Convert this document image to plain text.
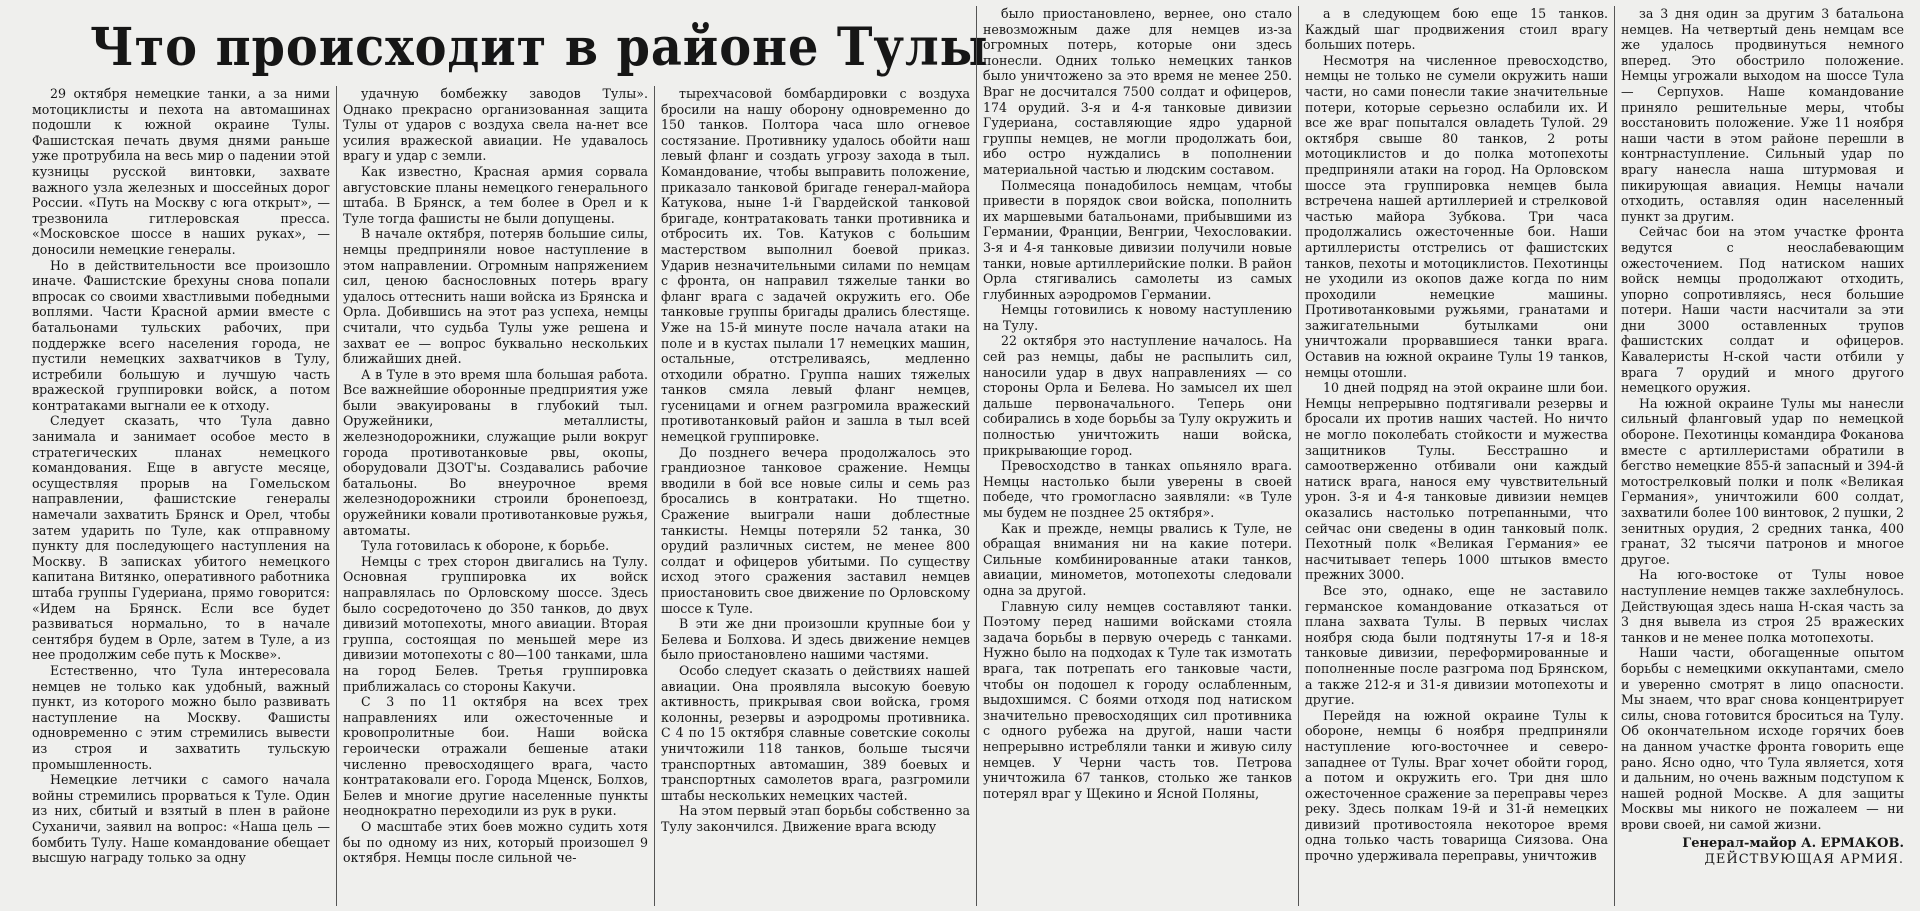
Что происходит в районе Тулы

29 октября немецкие танки, а за ними мотоциклисты и пехота на автомашинах подошли к южной окраине Тулы. Фашистская печать двумя днями раньше уже протрубила на весь мир о падении этой кузницы русской винтовки, захвате важного узла железных и шоссейных дорог России. «Путь на Москву с юга открыт», — трезвонила гитлеровская пресса. «Московское шоссе в наших руках», — доносили немецкие генералы.

Но в действительности все произошло иначе. Фашистские брехуны снова попали впросак со своими хвастливыми победными воплями. Части Красной армии вместе с батальонами тульских рабочих, при поддержке всего населения города, не пустили немецких захватчиков в Тулу, истребили большую и лучшую часть вражеской группировки войск, а потом контратаками выгнали ее к отходу.

Следует сказать, что Тула давно занимала и занимает особое место в стратегических планах немецкого командования. Еще в августе месяце, осуществляя прорыв на Гомельском направлении, фашистские генералы намечали захватить Брянск и Орел, чтобы затем ударить по Туле, как отправному пункту для последующего наступления на Москву. В записках убитого немецкого капитана Витянко, оперативного работника штаба группы Гудериана, прямо говорится: «Идем на Брянск. Если все будет развиваться нормально, то в начале сентября будем в Орле, затем в Туле, а из нее продолжим себе путь к Москве».

Естественно, что Тула интересовала немцев не только как удобный, важный пункт, из которого можно было развивать наступление на Москву. Фашисты одновременно с этим стремились вывести из строя и захватить тульскую промышленность.

Немецкие летчики с самого начала войны стремились прорваться к Туле. Один из них, сбитый и взятый в плен в районе Суханичи, заявил на вопрос: «Наша цель — бомбить Тулу. Наше командование обещает высшую награду только за одну

удачную бомбежку заводов Тулы». Однако прекрасно организованная защита Тулы от ударов с воздуха свела на-нет все усилия вражеской авиации. Не удавалось врагу и удар с земли.

Как известно, Красная армия сорвала августовские планы немецкого генерального штаба. В Брянск, а тем более в Орел и к Туле тогда фашисты не были допущены.

В начале октября, потеряв большие силы, немцы предприняли новое наступление в этом направлении. Огромным напряжением сил, ценою баснословных потерь врагу удалось оттеснить наши войска из Брянска и Орла. Добившись на этот раз успеха, немцы считали, что судьба Тулы уже решена и захват ее — вопрос буквально нескольких ближайших дней.

А в Туле в это время шла большая работа. Все важнейшие оборонные предприятия уже были эвакуированы в глубокий тыл. Оружейники, металлисты, железнодорожники, служащие рыли вокруг города противотанковые рвы, окопы, оборудовали ДЗОТ'ы. Создавались рабочие батальоны. Во внеурочное время железнодорожники строили бронепоезд, оружейники ковали противотанковые ружья, автоматы.

Тула готовилась к обороне, к борьбе.

Немцы с трех сторон двигались на Тулу. Основная группировка их войск направлялась по Орловскому шоссе. Здесь было сосредоточено до 350 танков, до двух дивизий мотопехоты, много авиации. Вторая группа, состоящая по меньшей мере из дивизии мотопехоты с 80—100 танками, шла на город Белев. Третья группировка приближалась со стороны Какучи.

С 3 по 11 октября на всех трех направлениях или ожесточенные и кровопролитные бои. Наши войска героически отражали бешеные атаки численно превосходящего врага, часто контратаковали его. Города Мценск, Болхов, Белев и многие другие населенные пункты неоднократно переходили из рук в руки.

О масштабе этих боев можно судить хотя бы по одному из них, который произошел 9 октября. Немцы после сильной че-

тырехчасовой бомбардировки с воздуха бросили на нашу оборону одновременно до 150 танков. Полтора часа шло огневое состязание. Противнику удалось обойти наш левый фланг и создать угрозу захода в тыл. Командование, чтобы выправить положение, приказало танковой бригаде генерал-майора Катукова, ныне 1-й Гвардейской танковой бригаде, контратаковать танки противника и отбросить их. Тов. Катуков с большим мастерством выполнил боевой приказ. Ударив незначительными силами по немцам с фронта, он направил тяжелые танки во фланг врага с задачей окружить его. Обе танковые группы бригады дрались блестяще. Уже на 15-й минуте после начала атаки на поле и в кустах пылали 17 немецких машин, остальные, отстреливаясь, медленно отходили обратно. Группа наших тяжелых танков смяла левый фланг немцев, гусеницами и огнем разгромила вражеский противотанковый район и зашла в тыл всей немецкой группировке.

До позднего вечера продолжалось это грандиозное танковое сражение. Немцы вводили в бой все новые силы и семь раз бросались в контратаки. Но тщетно. Сражение выиграли наши доблестные танкисты. Немцы потеряли 52 танка, 30 орудий различных систем, не менее 800 солдат и офицеров убитыми. По существу исход этого сражения заставил немцев приостановить свое движение по Орловскому шоссе к Туле.

В эти же дни произошли крупные бои у Белева и Болхова. И здесь движение немцев было приостановлено нашими частями.

Особо следует сказать о действиях нашей авиации. Она проявляла высокую боевую активность, прикрывая свои войска, громя колонны, резервы и аэродромы противника. С 4 по 15 октября славные советские соколы уничтожили 118 танков, больше тысячи транспортных автомашин, 389 боевых и транспортных самолетов врага, разгромили штабы нескольких немецких частей.

На этом первый этап борьбы собственно за Тулу закончился. Движение врага всюду

было приостановлено, вернее, оно стало невозможным даже для немцев из-за огромных потерь, которые они здесь понесли. Одних только немецких танков было уничтожено за это время не менее 250. Враг не досчитался 7500 солдат и офицеров, 174 орудий. 3-я и 4-я танковые дивизии Гудериана, составляющие ядро ударной группы немцев, не могли продолжать бои, ибо остро нуждались в пополнении материальной частью и людским составом.

Полмесяца понадобилось немцам, чтобы привести в порядок свои войска, пополнить их маршевыми батальонами, прибывшими из Германии, Франции, Венгрии, Чехословакии. 3-я и 4-я танковые дивизии получили новые танки, новые артиллерийские полки. В район Орла стягивались самолеты из самых глубинных аэродромов Германии.

Немцы готовились к новому наступлению на Тулу.

22 октября это наступление началось. На сей раз немцы, дабы не распылить сил, наносили удар в двух направлениях — со стороны Орла и Белева. Но замысел их шел дальше первоначального. Теперь они собирались в ходе борьбы за Тулу окружить и полностью уничтожить наши войска, прикрывающие город.

Превосходство в танках опьяняло врага. Немцы настолько были уверены в своей победе, что громогласно заявляли: «в Туле мы будем не позднее 25 октября».

Как и прежде, немцы рвались к Туле, не обращая внимания ни на какие потери. Сильные комбинированные атаки танков, авиации, минометов, мотопехоты следовали одна за другой.

Главную силу немцев составляют танки. Поэтому перед нашими войсками стояла задача борьбы в первую очередь с танками. Нужно было на подходах к Туле так измотать врага, так потрепать его танковые части, чтобы он подошел к городу ослабленным, выдохшимся. С боями отходя под натиском значительно превосходящих сил противника с одного рубежа на другой, наши части непрерывно истребляли танки и живую силу немцев. У Черни часть тов. Петрова уничтожила 67 танков, столько же танков потерял враг у Щекино и Ясной Поляны,

а в следующем бою еще 15 танков. Каждый шаг продвижения стоил врагу больших потерь.

Несмотря на численное превосходство, немцы не только не сумели окружить наши части, но сами понесли такие значительные потери, которые серьезно ослабили их. И все же враг попытался овладеть Тулой. 29 октября свыше 80 танков, 2 роты мотоциклистов и до полка мотопехоты предприняли атаки на город. На Орловском шоссе эта группировка немцев была встречена нашей артиллерией и стрелковой частью майора Зубкова. Три часа продолжались ожесточенные бои. Наши артиллеристы отстрелись от фашистских танков, пехоты и мотоциклистов. Пехотинцы не уходили из окопов даже когда по ним проходили немецкие машины. Противотанковыми ружьями, гранатами и зажигательными бутылками они уничтожали прорвавшиеся танки врага. Оставив на южной окраине Тулы 19 танков, немцы отошли.

10 дней подряд на этой окраине шли бои. Немцы непрерывно подтягивали резервы и бросали их против наших частей. Но ничто не могло поколебать стойкости и мужества защитников Тулы. Бесстрашно и самоотверженно отбивали они каждый натиск врага, нанося ему чувствительный урон. 3-я и 4-я танковые дивизии немцев оказались настолько потрепанными, что сейчас они сведены в один танковый полк. Пехотный полк «Великая Германия» ее насчитывает теперь 1000 штыков вместо прежних 3000.

Все это, однако, еще не заставило германское командование отказаться от плана захвата Тулы. В первых числах ноября сюда были подтянуты 17-я и 18-я танковые дивизии, переформированные и пополненные после разгрома под Брянском, а также 212-я и 31-я дивизии мотопехоты и другие.

Перейдя на южной окраине Тулы к обороне, немцы 6 ноября предприняли наступление юго-восточнее и северо-западнее от Тулы. Враг хочет обойти город, а потом и окружить его. Три дня шло ожесточенное сражение за переправы через реку. Здесь полкам 19-й и 31-й немецких дивизий противостояла некоторое время одна только часть товарища Сиязова. Она прочно удерживала переправы, уничтожив

за 3 дня один за другим 3 батальона немцев. На четвертый день немцам все же удалось продвинуться немного вперед. Это обострило положение. Немцы угрожали выходом на шоссе Тула — Серпухов. Наше командование приняло решительные меры, чтобы восстановить положение. Уже 11 ноября наши части в этом районе перешли в контрнаступление. Сильный удар по врагу нанесла наша штурмовая и пикирующая авиация. Немцы начали отходить, оставляя один населенный пункт за другим.

Сейчас бои на этом участке фронта ведутся с неослабевающим ожесточением. Под натиском наших войск немцы продолжают отходить, упорно сопротивляясь, неся большие потери. Наши части насчитали за эти дни 3000 оставленных трупов фашистских солдат и офицеров. Кавалеристы Н-ской части отбили у врага 7 орудий и много другого немецкого оружия.

На южной окраине Тулы мы нанесли сильный фланговый удар по немецкой обороне. Пехотинцы командира Фоканова вместе с артиллеристами обратили в бегство немецкие 855-й запасный и 394-й мотострелковый полки и полк «Великая Германия», уничтожили 600 солдат, захватили более 100 винтовок, 2 пушки, 2 зенитных орудия, 2 средних танка, 400 гранат, 32 тысячи патронов и многое другое.

На юго-востоке от Тулы новое наступление немцев также захлебнулось. Действующая здесь наша Н-ская часть за 3 дня вывела из строя 25 вражеских танков и не менее полка мотопехоты.

Наши части, обогащенные опытом борьбы с немецкими оккупантами, смело и уверенно смотрят в лицо опасности. Мы знаем, что враг снова концентрирует силы, снова готовится броситься на Тулу. Об окончательном исходе горячих боев на данном участке фронта говорить еще рано. Ясно одно, что Тула является, хотя и дальним, но очень важным подступом к нашей родной Москве. А для защиты Москвы мы никого не пожалеем — ни врови своей, ни самой жизни.

Генерал-майор А. ЕРМАКОВ.
ДЕЙСТВУЮЩАЯ АРМИЯ.
